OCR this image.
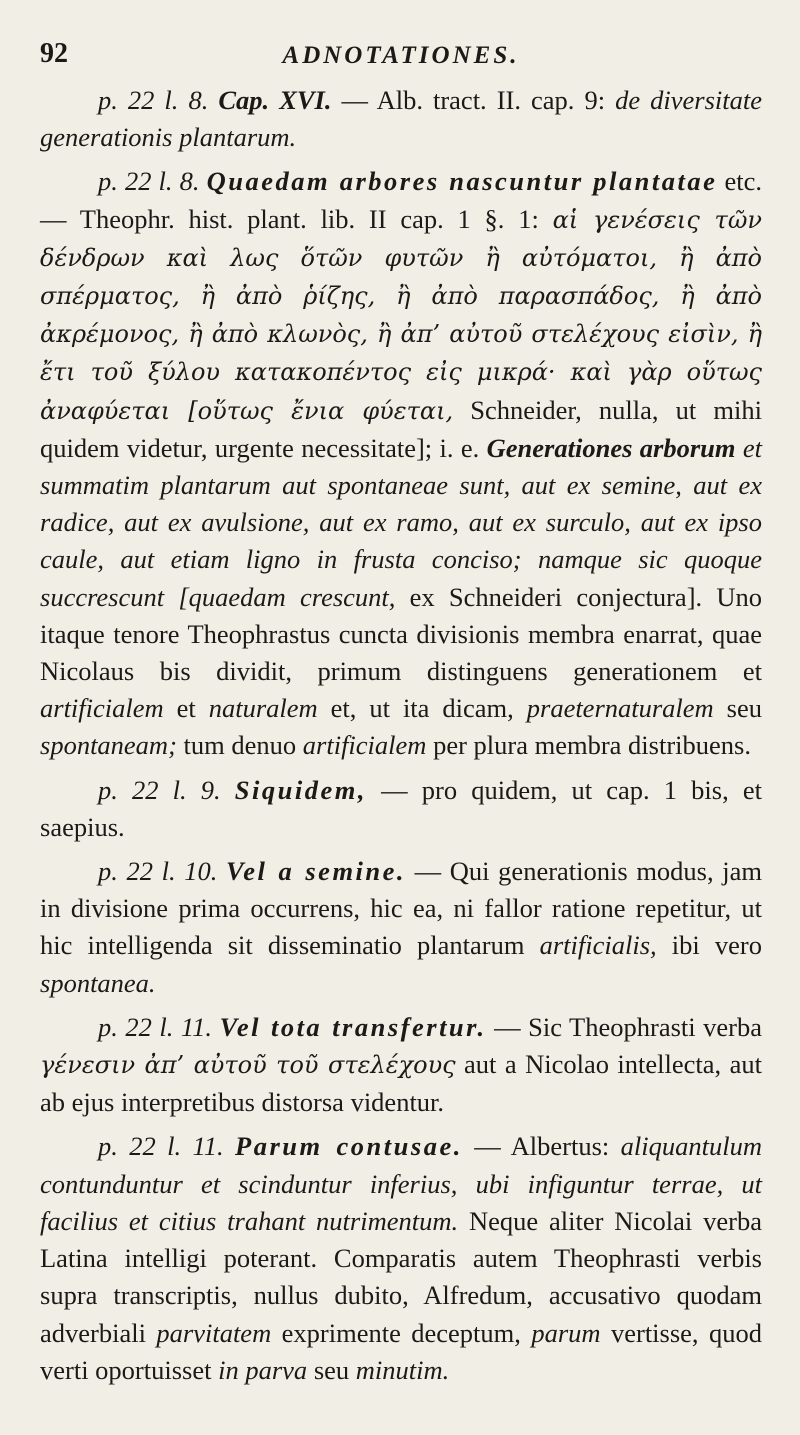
92	ADNOTATIONES.

p. 22 l. 8. Cap. XVI. — Alb. tract. II. cap. 9: de diversitate generationis plantarum.

p. 22 l. 8. Quaedam arbores nascuntur plantatae etc. — Theophr. hist. plant. lib. II cap. 1 §. 1: αἱ γενέσεις τῶν δένδρων καὶ λως ὅτῶν φυτῶν ἢ αὐτόματοι, ἢ ἀπὸ σπέρματος, ἢ ἀπὸ ῥίζης, ἢ ἀπὸ παρασπάδος, ἢ ἀπὸ ἀκρέμονος, ἢ ἀπὸ κλωνὸς, ἢ ἀπ’ αὐτοῦ στελέχους εἰσὶν, ἢ ἔτι τοῦ ξύλου κατακοπέντος εἰς μικρά· καὶ γὰρ οὕτως ἀναφύεται [οὕτως ἔνια φύεται, Schneider, nulla, ut mihi quidem videtur, urgente necessitate]; i. e. Generationes arborum et summatim plantarum aut spontaneae sunt, aut ex semine, aut ex radice, aut ex avulsione, aut ex ramo, aut ex surculo, aut ex ipso caule, aut etiam ligno in frusta conciso; namque sic quoque succrescunt [quaedam crescunt, ex Schneideri conjectura]. Uno itaque tenore Theophrastus cuncta divisionis membra enarrat, quae Nicolaus bis dividit, primum distinguens generationem et artificialem et naturalem et, ut ita dicam, praeternaturalem seu spontaneam; tum denuo artificialem per plura membra distribuens.

p. 22 l. 9. Siquidem, — pro quidem, ut cap. 1 bis, et saepius.

p. 22 l. 10. Vel a semine. — Qui generationis modus, jam in divisione prima occurrens, hic ea, ni fallor ratione repetitur, ut hic intelligenda sit disseminatio plantarum artificialis, ibi vero spontanea.

p. 22 l. 11. Vel tota transfertur. — Sic Theophrasti verba γένεσιν ἀπ’ αὐτοῦ τοῦ στελέχους aut a Nicolao intellecta, aut ab ejus interpretibus distorsa videntur.

p. 22 l. 11. Parum contusae. — Albertus: aliquantulum contunduntur et scinduntur inferius, ubi infiguntur terrae, ut facilius et citius trahant nutrimentum. Neque aliter Nicolai verba Latina intelligi poterant. Comparatis autem Theophrasti verbis supra transcriptis, nullus dubito, Alfredum, accusativo quodam adverbiali parvitatem exprimente deceptum, parum vertisse, quod verti oportuisset in parva seu minutim.
